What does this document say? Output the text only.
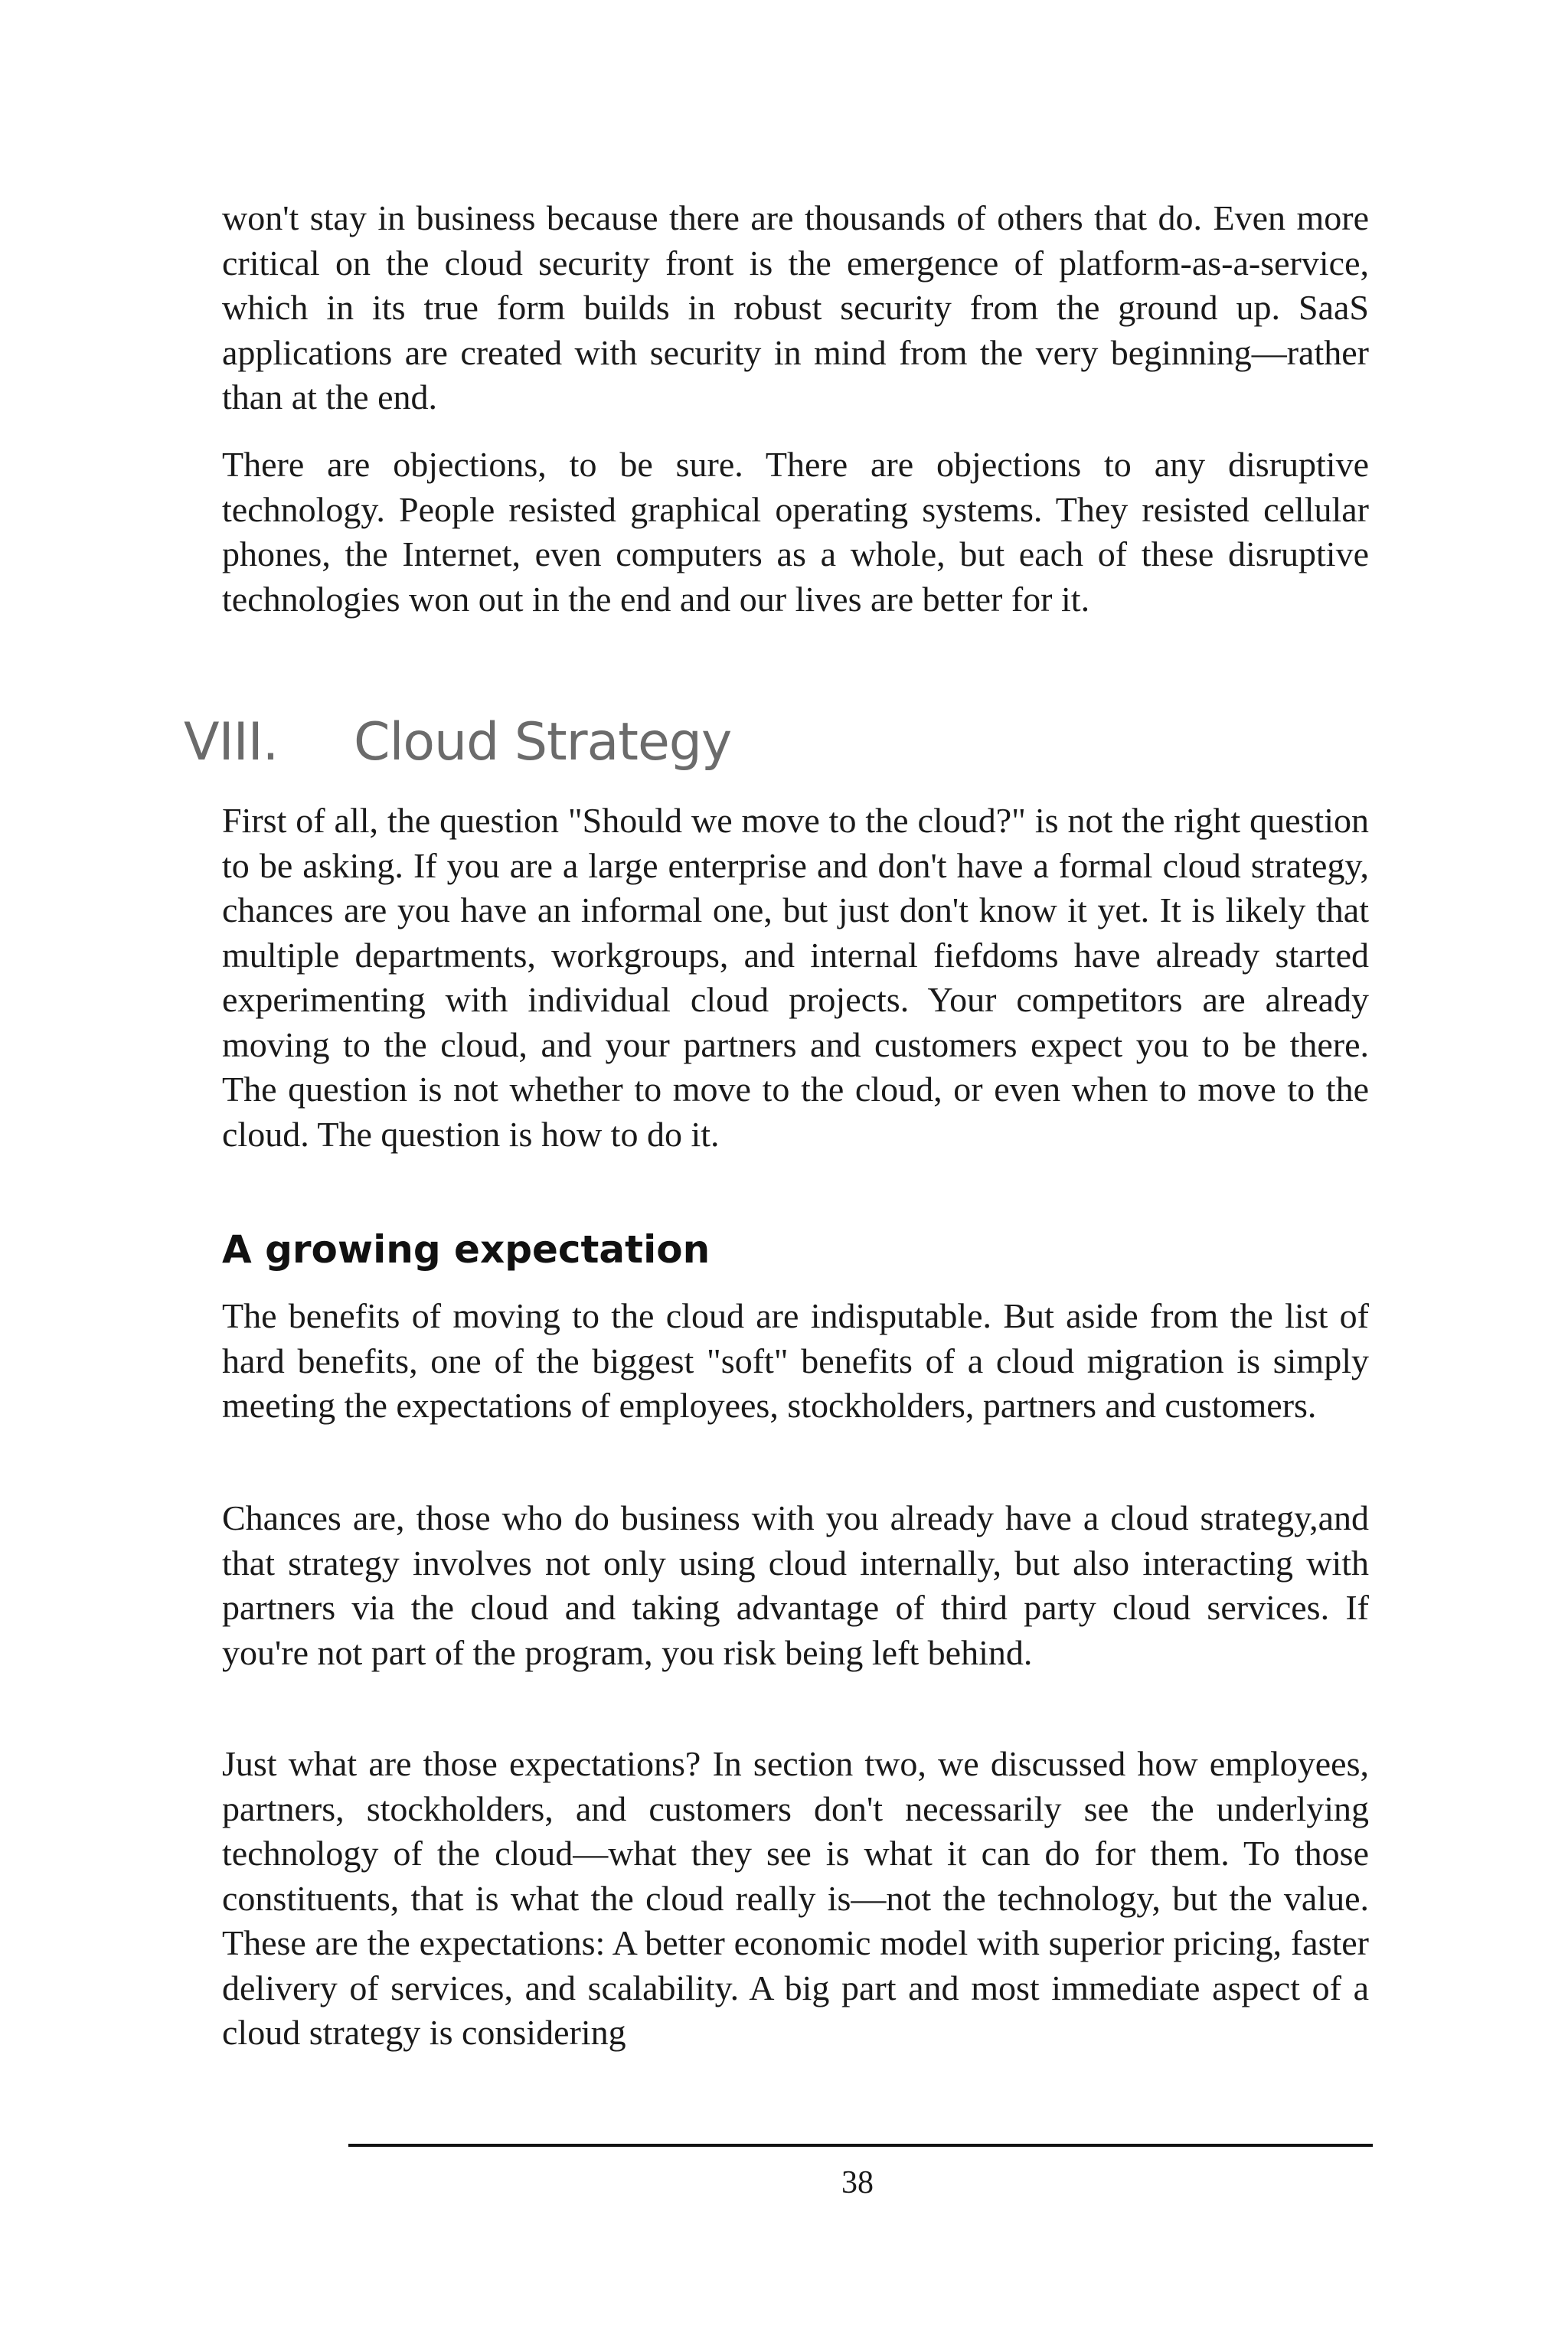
won't stay in business because there are thousands of others that do. Even more critical on the cloud security front is the emergence of platform-as-a-service, which in its true form builds in robust security from the ground up. SaaS applications are created with security in mind from the very beginning—rather than at the end.

There are objections, to be sure. There are objections to any disruptive technology. People resisted graphical operating systems. They resisted cellular phones, the Internet, even computers as a whole, but each of these disruptive technologies won out in the end and our lives are better for it.

VIII. Cloud Strategy

First of all, the question "Should we move to the cloud?" is not the right question to be asking. If you are a large enterprise and don't have a formal cloud strategy, chances are you have an informal one, but just don't know it yet. It is likely that multiple departments, workgroups, and internal fiefdoms have already started experimenting with individual cloud projects. Your competitors are already moving to the cloud, and your partners and customers expect you to be there. The question is not whether to move to the cloud, or even when to move to the cloud. The question is how to do it.

A growing expectation

The benefits of moving to the cloud are indisputable. But aside from the list of hard benefits, one of the biggest "soft" benefits of a cloud migration is simply meeting the expectations of employees, stockholders, partners and customers.

Chances are, those who do business with you already have a cloud strategy,and that strategy involves not only using cloud internally, but also interacting with partners via the cloud and taking advantage of third party cloud services. If you're not part of the program, you risk being left behind.

Just what are those expectations? In section two, we discussed how employees, partners, stockholders, and customers don't necessarily see the underlying technology of the cloud—what they see is what it can do for them. To those constituents, that is what the cloud really is—not the technology, but the value. These are the expectations: A better economic model with superior pricing, faster delivery of services, and scalability. A big part and most immediate aspect of a cloud strategy is considering

38
